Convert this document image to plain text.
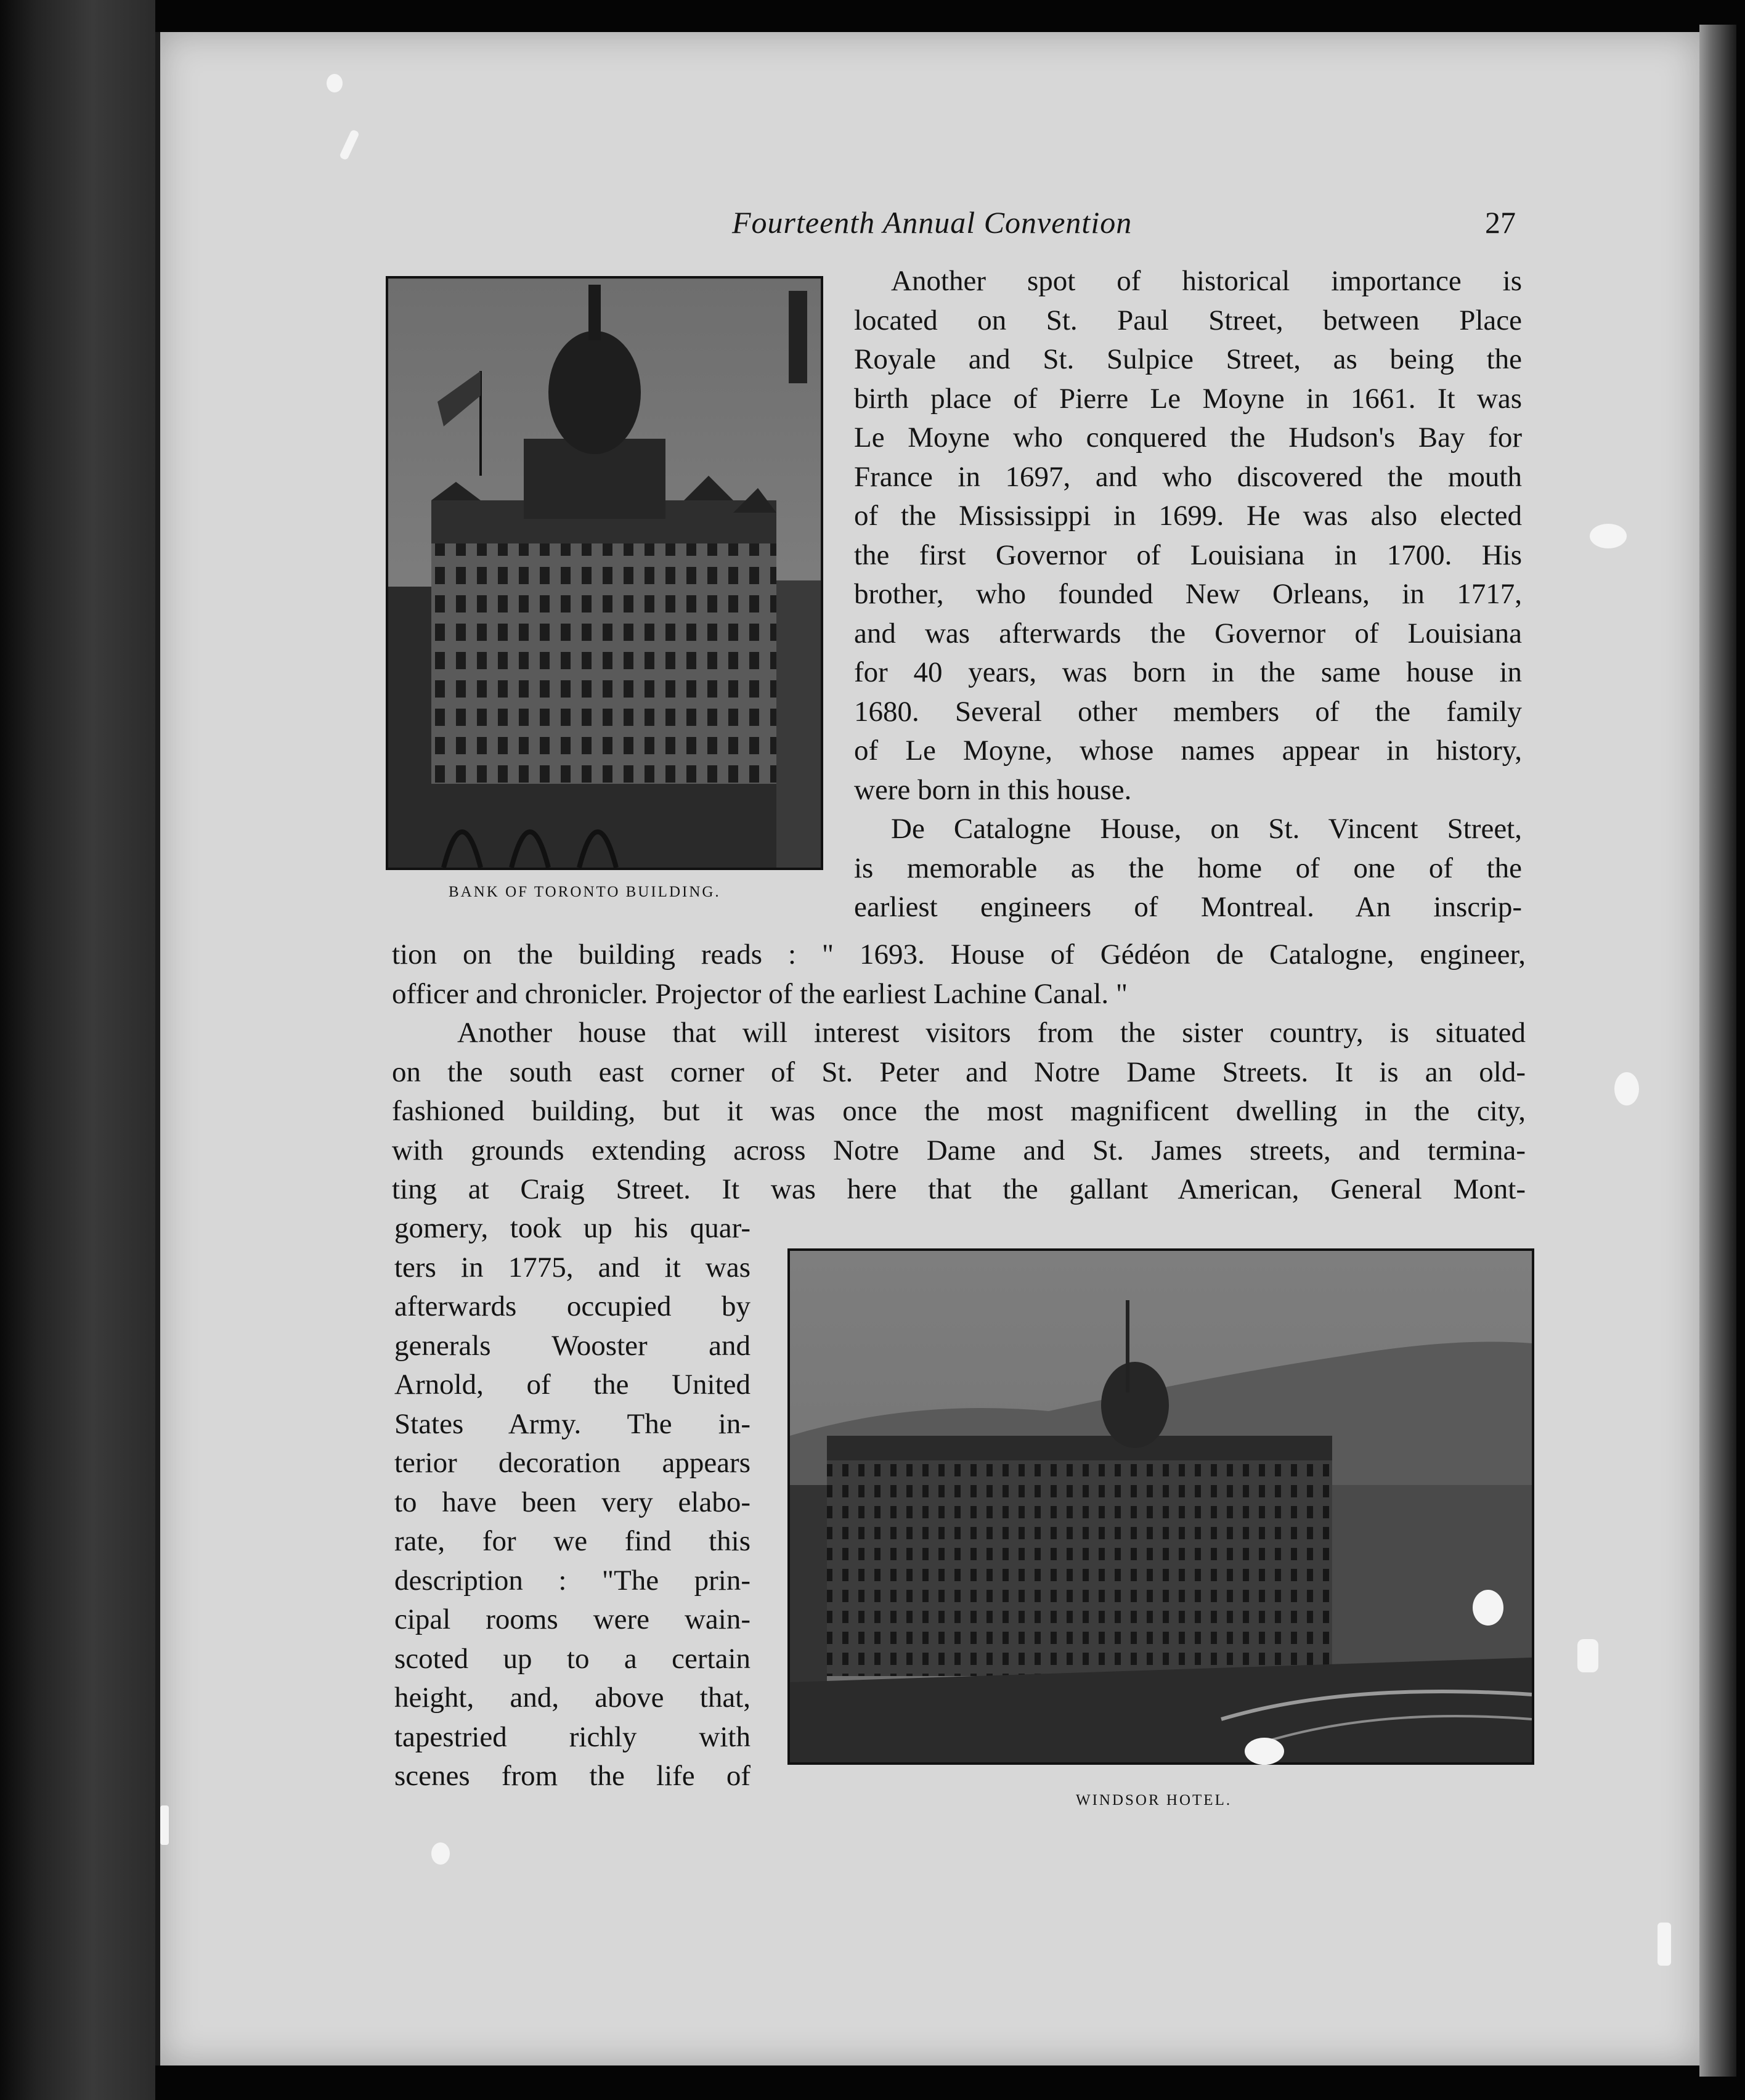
Fourteenth Annual Convention	27
BANK OF TORONTO BUILDING.
Another spot of historical importance is
located on St. Paul Street, between Place
Royale and St. Sulpice Street, as being the
birth place of Pierre Le Moyne in 1661. It was
Le Moyne who conquered the Hudson's Bay for
France in 1697, and who discovered the mouth
of the Mississippi in 1699. He was also elected
the first Governor of Louisiana in 1700. His
brother, who founded New Orleans, in 1717,
and was afterwards the Governor of Louisiana
for 40 years, was born in the same house in
1680. Several other members of the family
of Le Moyne, whose names appear in history,
were born in this house.
De Catalogne House, on St. Vincent Street,
is memorable as the home of one of the
earliest engineers of Montreal. An inscrip-
tion on the building reads : " 1693. House of Gédéon de Catalogne, engineer,
officer and chronicler. Projector of the earliest Lachine Canal. "
Another house that will interest visitors from the sister country, is situated
on the south east corner of St. Peter and Notre Dame Streets. It is an old-
fashioned building, but it was once the most magnificent dwelling in the city,
with grounds extending across Notre Dame and St. James streets, and termina-
ting at Craig Street. It was here that the gallant American, General Mont-
gomery, took up his quar-
ters in 1775, and it was
afterwards occupied by
generals Wooster and
Arnold, of the United
States Army. The in-
terior decoration appears
to have been very elabo-
rate, for we find this
description : "The prin-
cipal rooms were wain-
scoted up to a certain
height, and, above that,
tapestried richly with
scenes from the life of
WINDSOR HOTEL.
